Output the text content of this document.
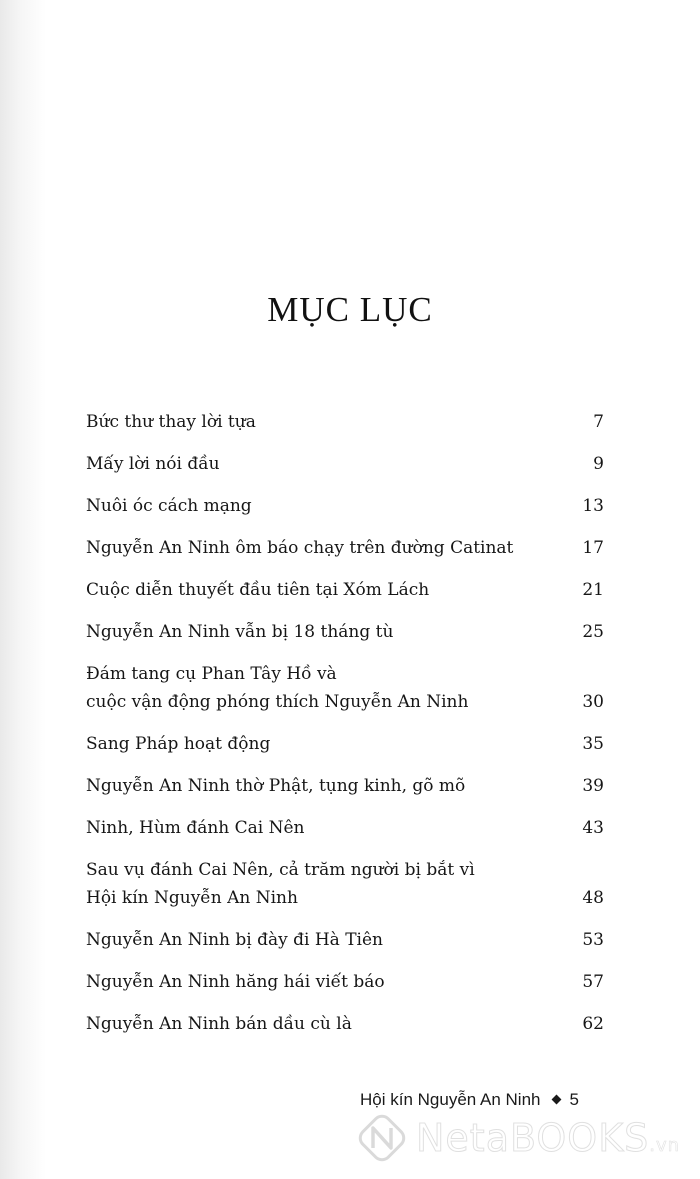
MỤC LỤC
Bức thư thay lời tựa	7
Mấy lời nói đầu	9
Nuôi óc cách mạng	13
Nguyễn An Ninh ôm báo chạy trên đường Catinat	17
Cuộc diễn thuyết đầu tiên tại Xóm Lách	21
Nguyễn An Ninh vẫn bị 18 tháng tù	25
Đám tang cụ Phan Tây Hồ và
cuộc vận động phóng thích Nguyễn An Ninh	30
Sang Pháp hoạt động	35
Nguyễn An Ninh thờ Phật, tụng kinh, gõ mõ	39
Ninh, Hùm đánh Cai Nên	43
Sau vụ đánh Cai Nên, cả trăm người bị bắt vì
Hội kín Nguyễn An Ninh	48
Nguyễn An Ninh bị đày đi Hà Tiên	53
Nguyễn An Ninh hăng hái viết báo	57
Nguyễn An Ninh bán dầu cù là	62
Hội kín Nguyễn An Ninh 5
NetaBOOKS.vn
